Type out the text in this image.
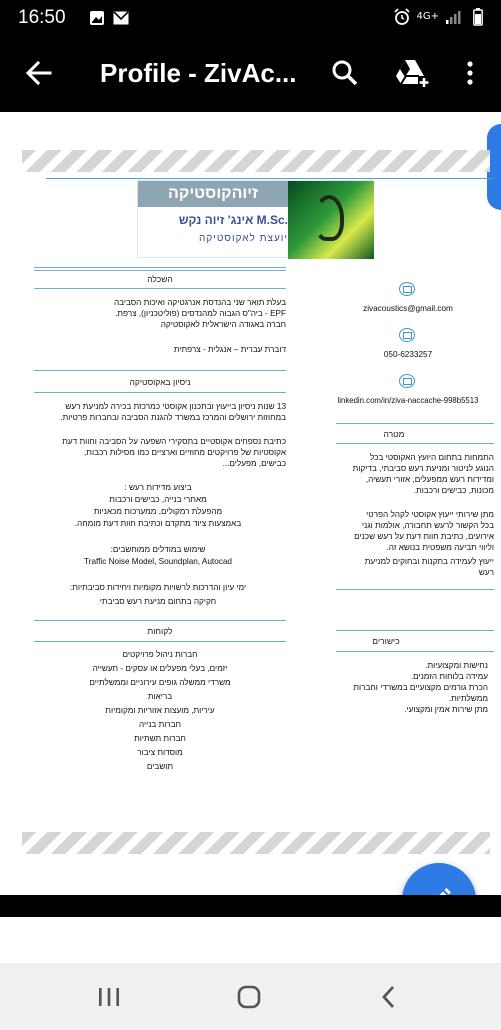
16:50	4G+
Profile - ZivAc...
זיוהקוסטיקה
אינג' זיוה נקש M.Sc.
יועצת לאקוסטיקה
השכלה
בעלת תואר שני בהנדסת אנרגטיקה ואיכות הסביבה
EPF - ביה"ס הגבוה למהנדסים (פוליטכניון), צרפת.
חברה באגודה הישראלית לאקוסטיקה
דוברת עברית – אנגלית - צרפתית
ניסיון באקוסטיקה
13 שנות ניסיון בייעוץ ובתכנון אקוסטי כמרכזת בכירה למניעת רעש
במחוזות ירושלים והמרכז במשרד להגנת הסביבה ובחברות פרטיות.
כתיבת נספחים אקוסטיים בתסקירי השפעה על הסביבה וחוות דעת
אקוסטיות של פרויקטים מחוזיים וארציים כמו מסילות רכבות,
כבישים, מפעלים...
ביצוע מדידות רעש :
מאתרי בנייה, כבישים ורכבות
מהפעלת רמקולים, ממערכות מכאניות
באמצעות ציוד מתקדם וכתיבת חוות דעת מומחה.
שימוש במודלים ממוחשבים:
Traffic Noise Model, Soundplan, Autocad
ימי עיון והדרכות לרשויות מקומיות ויחידות סביבתיות:
חקיקה בתחום מניעת רעש סביבתי
לקוחות
חברות ניהול פרויקטים
יזמים, בעלי מפעלים או עסקים - תעשייה
משרדי ממשלה גופים עירוניים וממשלתיים
בריאות
עיריות, מועצות אזוריות ומקומיות
חברות בנייה
חברות תשתיות
מוסדות ציבור
תושבים
zivacoustics@gmail.com
050-6233257
linkedin.com/in/ziva-naccache-998b5513
מטרה
התמחות בתחום היועץ האקוסטי בכל
הנוגע לניטור ומניעת רעש סביבתי, בדיקות
ומדידות רעש ממפעלים, אזורי תעשיה,
מכונות, כבישים ורכבות.
מתן שירותי ייעוץ אקוסטי לקהל הפרטי
בכל הקשור לרעש תחבורה, אולמות וגני
אירועים, כתיבת חוות דעת על רעש שכנים
וליווי תביעה משפטית בנושא זה.
ייעוץ לעמידה בתקנות ובחוקים למניעת
רעש
כישורים
נחישות ומקצועיות.
עמידה בלוחות הזמנים.
הכרת גורמים מקצועיים במשרדי וחברות
ממשלתיות.
מתן שירות אמין ומקצועי.
